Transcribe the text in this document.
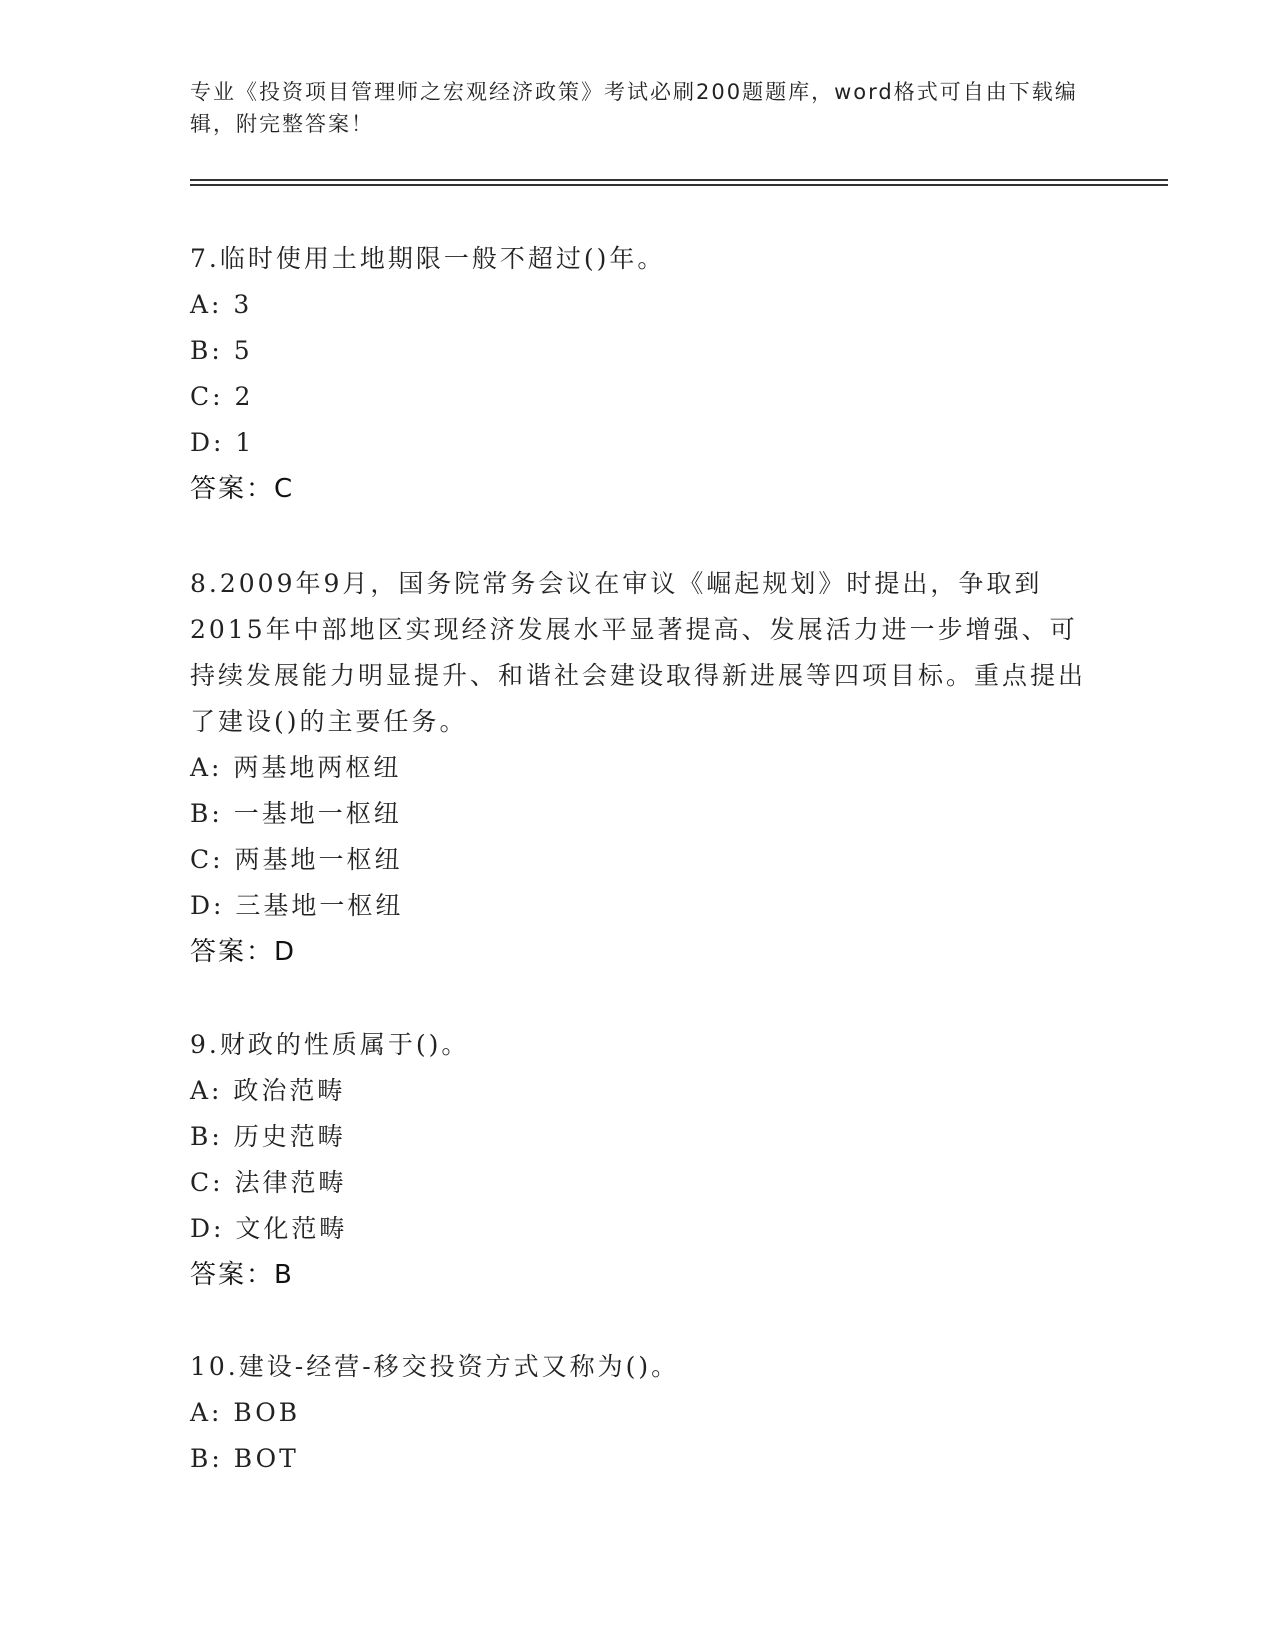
专业《投资项目管理师之宏观经济政策》考试必刷200题题库，word格式可自由下载编辑，附完整答案！

7.临时使用土地期限一般不超过()年。

A: 3

B: 5

C: 2

D: 1

答案：C

8.2009年9月，国务院常务会议在审议《崛起规划》时提出，争取到2015年中部地区实现经济发展水平显著提高、发展活力进一步增强、可持续发展能力明显提升、和谐社会建设取得新进展等四项目标。重点提出了建设()的主要任务。

A: 两基地两枢纽

B: 一基地一枢纽

C: 两基地一枢纽

D: 三基地一枢纽

答案：D

9.财政的性质属于()。

A: 政治范畴

B: 历史范畴

C: 法律范畴

D: 文化范畴

答案：B

10.建设-经营-移交投资方式又称为()。

A: BOB

B: BOT
